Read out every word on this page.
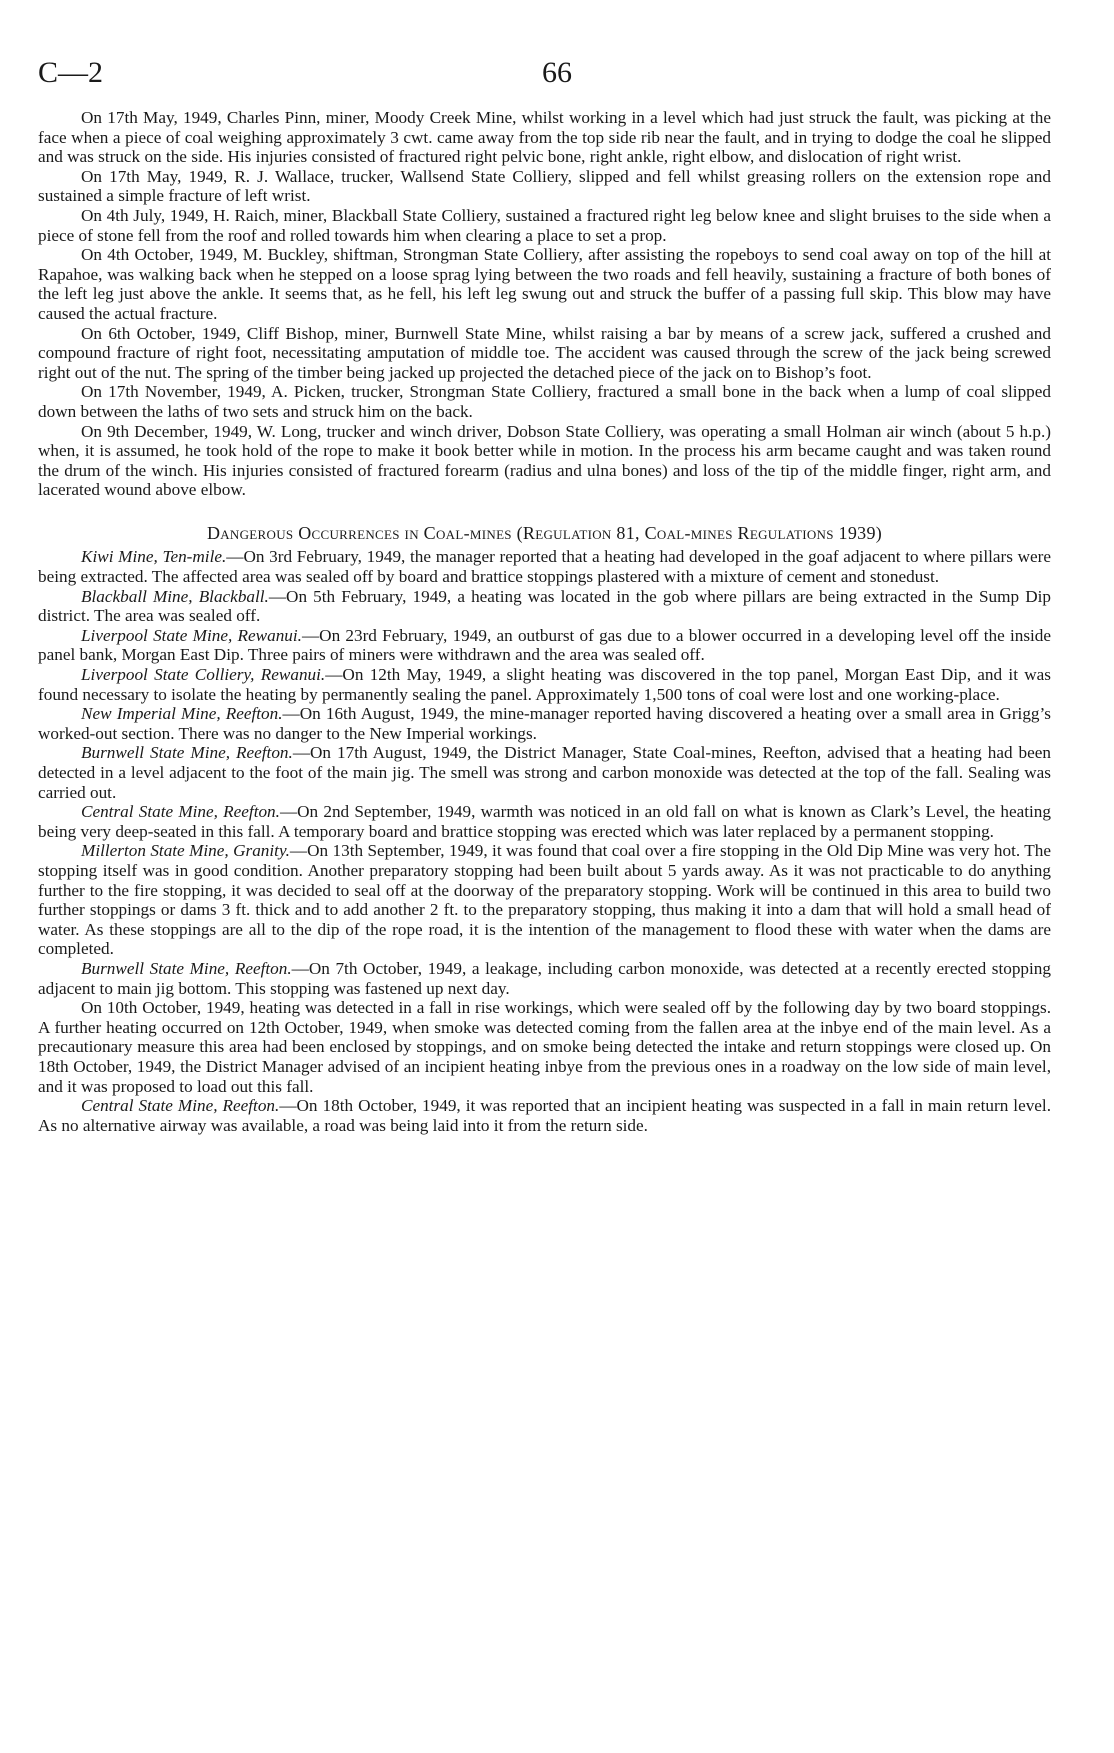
C—2	66

On 17th May, 1949, Charles Pinn, miner, Moody Creek Mine, whilst working in a level which had just struck the fault, was picking at the face when a piece of coal weighing approximately 3 cwt. came away from the top side rib near the fault, and in trying to dodge the coal he slipped and was struck on the side. His injuries consisted of fractured right pelvic bone, right ankle, right elbow, and dislocation of right wrist.

On 17th May, 1949, R. J. Wallace, trucker, Wallsend State Colliery, slipped and fell whilst greasing rollers on the extension rope and sustained a simple fracture of left wrist.

On 4th July, 1949, H. Raich, miner, Blackball State Colliery, sustained a fractured right leg below knee and slight bruises to the side when a piece of stone fell from the roof and rolled towards him when clearing a place to set a prop.

On 4th October, 1949, M. Buckley, shiftman, Strongman State Colliery, after assisting the ropeboys to send coal away on top of the hill at Rapahoe, was walking back when he stepped on a loose sprag lying between the two roads and fell heavily, sustaining a fracture of both bones of the left leg just above the ankle. It seems that, as he fell, his left leg swung out and struck the buffer of a passing full skip. This blow may have caused the actual fracture.

On 6th October, 1949, Cliff Bishop, miner, Burnwell State Mine, whilst raising a bar by means of a screw jack, suffered a crushed and compound fracture of right foot, necessitating amputation of middle toe. The accident was caused through the screw of the jack being screwed right out of the nut. The spring of the timber being jacked up projected the detached piece of the jack on to Bishop’s foot.

On 17th November, 1949, A. Picken, trucker, Strongman State Colliery, fractured a small bone in the back when a lump of coal slipped down between the laths of two sets and struck him on the back.

On 9th December, 1949, W. Long, trucker and winch driver, Dobson State Colliery, was operating a small Holman air winch (about 5 h.p.) when, it is assumed, he took hold of the rope to make it book better while in motion. In the process his arm became caught and was taken round the drum of the winch. His injuries consisted of fractured forearm (radius and ulna bones) and loss of the tip of the middle finger, right arm, and lacerated wound above elbow.

Dangerous Occurrences in Coal-mines (Regulation 81, Coal-mines Regulations 1939)

Kiwi Mine, Ten-mile.—On 3rd February, 1949, the manager reported that a heating had developed in the goaf adjacent to where pillars were being extracted. The affected area was sealed off by board and brattice stoppings plastered with a mixture of cement and stonedust.

Blackball Mine, Blackball.—On 5th February, 1949, a heating was located in the gob where pillars are being extracted in the Sump Dip district. The area was sealed off.

Liverpool State Mine, Rewanui.—On 23rd February, 1949, an outburst of gas due to a blower occurred in a developing level off the inside panel bank, Morgan East Dip. Three pairs of miners were withdrawn and the area was sealed off.

Liverpool State Colliery, Rewanui.—On 12th May, 1949, a slight heating was discovered in the top panel, Morgan East Dip, and it was found necessary to isolate the heating by permanently sealing the panel. Approximately 1,500 tons of coal were lost and one working-place.

New Imperial Mine, Reefton.—On 16th August, 1949, the mine-manager reported having discovered a heating over a small area in Grigg’s worked-out section. There was no danger to the New Imperial workings.

Burnwell State Mine, Reefton.—On 17th August, 1949, the District Manager, State Coal-mines, Reefton, advised that a heating had been detected in a level adjacent to the foot of the main jig. The smell was strong and carbon monoxide was detected at the top of the fall. Sealing was carried out.

Central State Mine, Reefton.—On 2nd September, 1949, warmth was noticed in an old fall on what is known as Clark’s Level, the heating being very deep-seated in this fall. A temporary board and brattice stopping was erected which was later replaced by a permanent stopping.

Millerton State Mine, Granity.—On 13th September, 1949, it was found that coal over a fire stopping in the Old Dip Mine was very hot. The stopping itself was in good condition. Another preparatory stopping had been built about 5 yards away. As it was not practicable to do anything further to the fire stopping, it was decided to seal off at the doorway of the preparatory stopping. Work will be continued in this area to build two further stoppings or dams 3 ft. thick and to add another 2 ft. to the preparatory stopping, thus making it into a dam that will hold a small head of water. As these stoppings are all to the dip of the rope road, it is the intention of the management to flood these with water when the dams are completed.

Burnwell State Mine, Reefton.—On 7th October, 1949, a leakage, including carbon monoxide, was detected at a recently erected stopping adjacent to main jig bottom. This stopping was fastened up next day.

On 10th October, 1949, heating was detected in a fall in rise workings, which were sealed off by the following day by two board stoppings. A further heating occurred on 12th October, 1949, when smoke was detected coming from the fallen area at the inbye end of the main level. As a precautionary measure this area had been enclosed by stoppings, and on smoke being detected the intake and return stoppings were closed up. On 18th October, 1949, the District Manager advised of an incipient heating inbye from the previous ones in a roadway on the low side of main level, and it was proposed to load out this fall.

Central State Mine, Reefton.—On 18th October, 1949, it was reported that an incipient heating was suspected in a fall in main return level. As no alternative airway was available, a road was being laid into it from the return side.
